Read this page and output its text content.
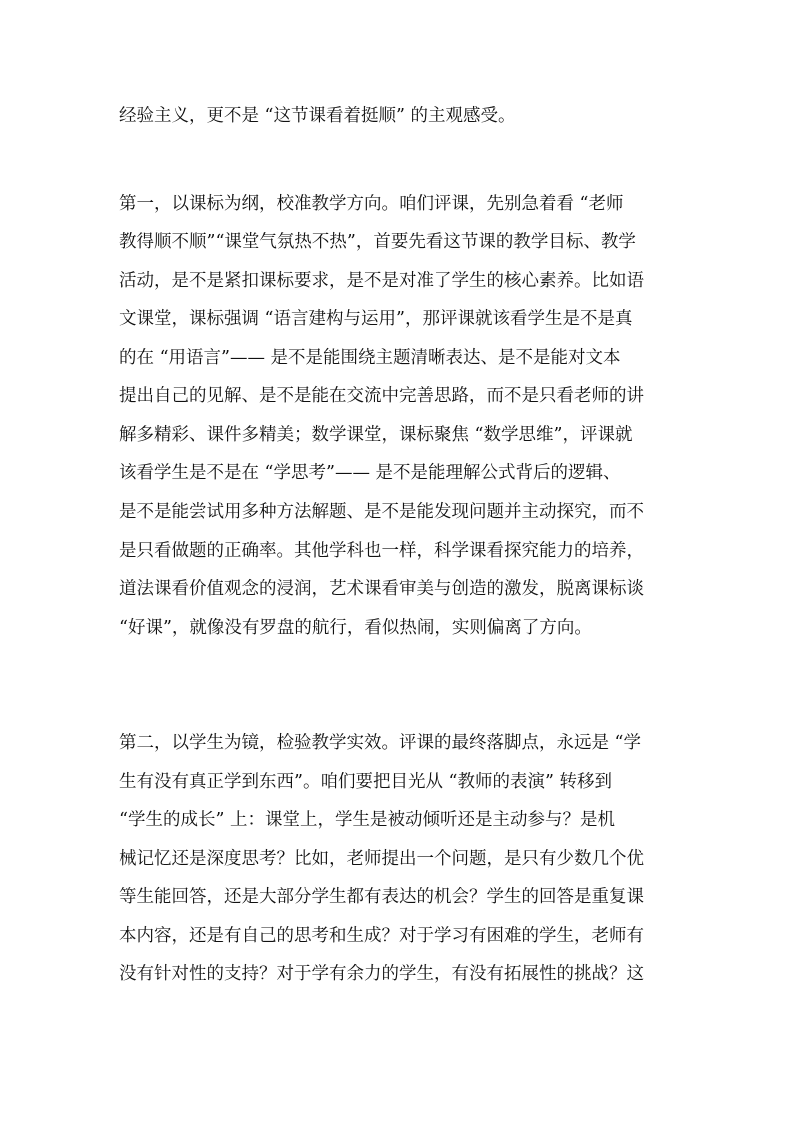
经验主义，更不是 “这节课看着挺顺” 的主观感受。
第一，以课标为纲，校准教学方向。咱们评课，先别急着看 “老师
教得顺不顺”“课堂气氛热不热”，首要先看这节课的教学目标、教学
活动，是不是紧扣课标要求，是不是对准了学生的核心素养。比如语
文课堂，课标强调 “语言建构与运用”，那评课就该看学生是不是真
的在 “用语言”—— 是不是能围绕主题清晰表达、是不是能对文本
提出自己的见解、是不是能在交流中完善思路，而不是只看老师的讲
解多精彩、课件多精美；数学课堂，课标聚焦 “数学思维”，评课就
该看学生是不是在 “学思考”—— 是不是能理解公式背后的逻辑、
是不是能尝试用多种方法解题、是不是能发现问题并主动探究，而不
是只看做题的正确率。其他学科也一样，科学课看探究能力的培养，
道法课看价值观念的浸润，艺术课看审美与创造的激发，脱离课标谈
“好课”，就像没有罗盘的航行，看似热闹，实则偏离了方向。
第二，以学生为镜，检验教学实效。评课的最终落脚点，永远是 “学
生有没有真正学到东西”。咱们要把目光从 “教师的表演” 转移到
“学生的成长” 上：课堂上，学生是被动倾听还是主动参与？是机
械记忆还是深度思考？比如，老师提出一个问题，是只有少数几个优
等生能回答，还是大部分学生都有表达的机会？学生的回答是重复课
本内容，还是有自己的思考和生成？对于学习有困难的学生，老师有
没有针对性的支持？对于学有余力的学生，有没有拓展性的挑战？这
